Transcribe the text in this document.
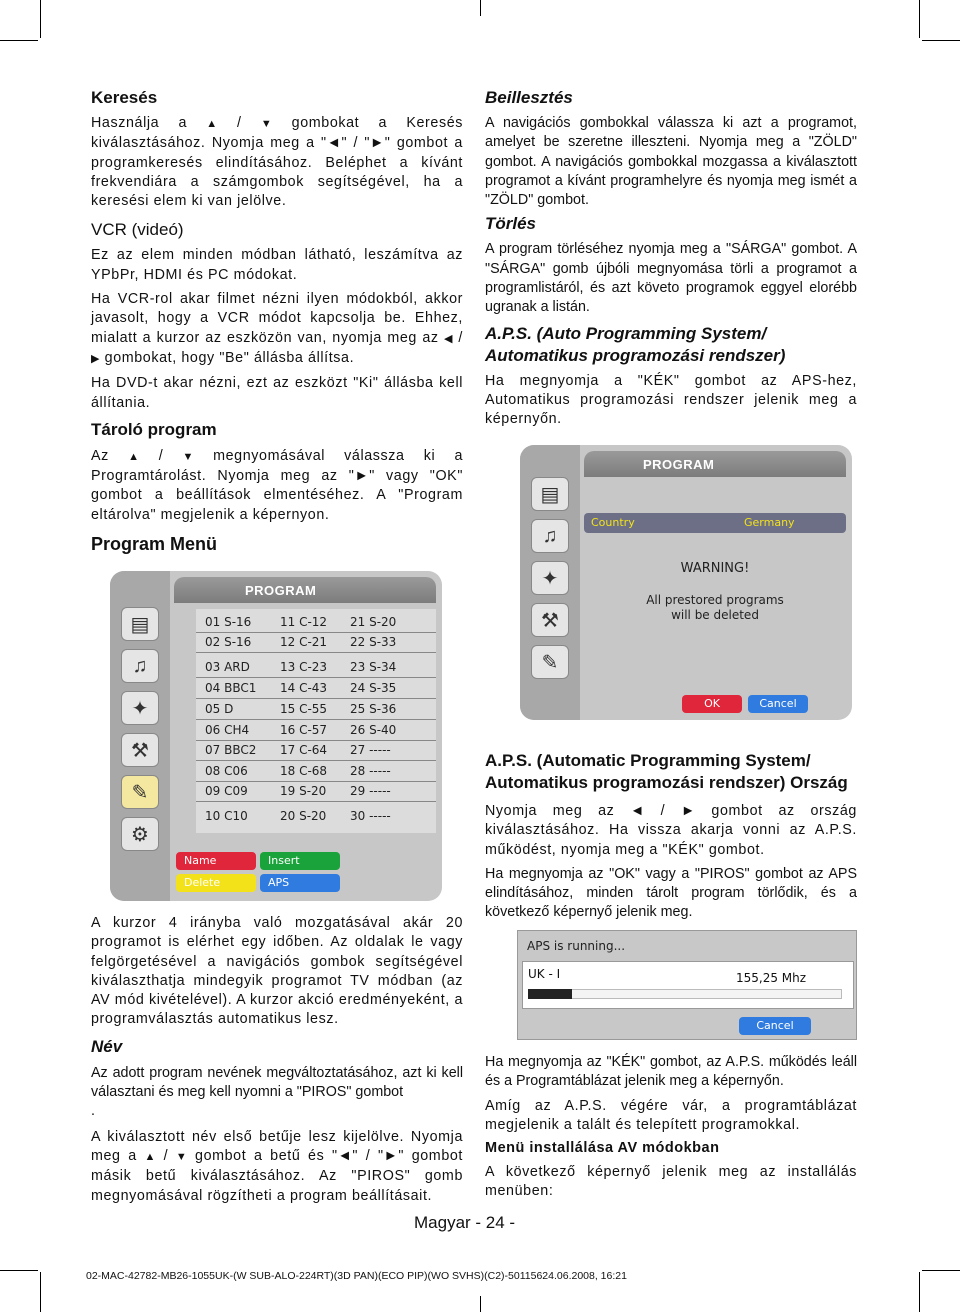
Keresés

Használja a ▲ / ▼ gombokat a Keresés kiválasztásához. Nyomja meg a "◄" / "►" gombot a programkeresés elindításához. Beléphet a kívánt frekvendiára a számgombok segítségével, ha a keresési elem ki van jelölve.

VCR (videó)

Ez az elem minden módban látható, leszámítva az YPbPr, HDMI és PC módokat.

Ha VCR-rol akar filmet nézni ilyen módokból, akkor javasolt, hogy a VCR módot kapcsolja be. Ehhez, mialatt a kurzor az eszközön van, nyomja meg az ◀ / ▶ gombokat, hogy "Be" állásba állítsa.

Ha DVD-t akar nézni, ezt az eszközt "Ki" állásba kell állítania.

Tároló program

Az ▲ / ▼ megnyomásával válassza ki a Programtárolást. Nyomja meg az "►" vagy "OK" gombot a beállítások elmentéséhez. A "Program eltárolva" megjelenik a képernyon.

Program Menü
▤
♫
✦
⚒
✎
⚙
PROGRAM
01 S-16 11 C-12 21 S-20
02 S-16 12 C-21 22 S-33
03 ARD	13 C-23 23 S-34
04 BBC1 14 C-43 24 S-35
05 D	15 C-55 25 S-36
06 CH4	16 C-57 26 S-40
07 BBC2 17 C-64 27 -----
08 C06	18 C-68 28 -----
09 C09	19 S-20 29 -----
10 C10	20 S-20 30 -----
Name	Insert
Delete	APS

A kurzor 4 irányba való mozgatásával akár 20 programot is elérhet egy időben. Az oldalak le vagy felgörgetésével a navigációs gombok segítségével kiválaszthatja mindegyik programot TV módban (az AV mód kivételével). A kurzor akció eredményeként, a programválasztás automatikus lesz.

Név

Az adott program nevének megváltoztatásához, azt ki kell választani és meg kell nyomni a "PIROS" gombot
.

A kiválasztott név első betűje lesz kijelölve. Nyomja meg a ▲ / ▼ gombot a betű és "◄" / "►" gombot másik betű kiválasztásához. Az "PIROS" gomb megnyomásával rögzítheti a program beállításait.

Beillesztés

A navigációs gombokkal válassza ki azt a programot, amelyet be szeretne illeszteni. Nyomja meg a "ZÖLD" gombot. A navigációs gombokkal mozgassa a kiválasztott programot a kívánt programhelyre és nyomja meg ismét a "ZÖLD" gombot.

Törlés

A program törléséhez nyomja meg a "SÁRGA" gombot. A "SÁRGA" gomb újbóli megnyomása törli a programot a programlistáról, és azt követo programok eggyel elorébb ugranak a listán.

A.P.S. (Auto Programming System/
Automatikus programozási rendszer)

Ha megnyomja a "KÉK" gombot az APS-hez, Automatikus programozási rendszer jelenik meg a képernyőn.

▤
♫
✦
⚒
✎
PROGRAM
Country	Germany
WARNING!
All prestored programs
will be deleted
OK	Cancel
A.P.S. (Automatic Programming System/
Automatikus programozási rendszer) Ország

Nyomja meg az ◄ / ► gombot az ország kiválasztásához. Ha vissza akarja vonni az A.P.S. működést, nyomja meg a "KÉK" gombot.

Ha megnyomja az "OK" vagy a "PIROS" gombot az APS elindításához, minden tárolt program törlődik, és a következő képernyő jelenik meg.

APS is running...
UK - I	155,25 Mhz
Cancel

Ha megnyomja az "KÉK" gombot, az A.P.S. működés leáll és a Programtáblázat jelenik meg a képernyőn.

Amíg az A.P.S. végére vár, a programtáblázat megjelenik a talált és telepített programokkal.

Menü installálása AV módokban

A következő képernyő jelenik meg az installálás menüben:

Magyar - 24 -
02-MAC-42782-MB26-1055UK-(W SUB-ALO-224RT)(3D PAN)(ECO PIP)(WO SVHS)(C2)-50115624.06.2008, 16:21
